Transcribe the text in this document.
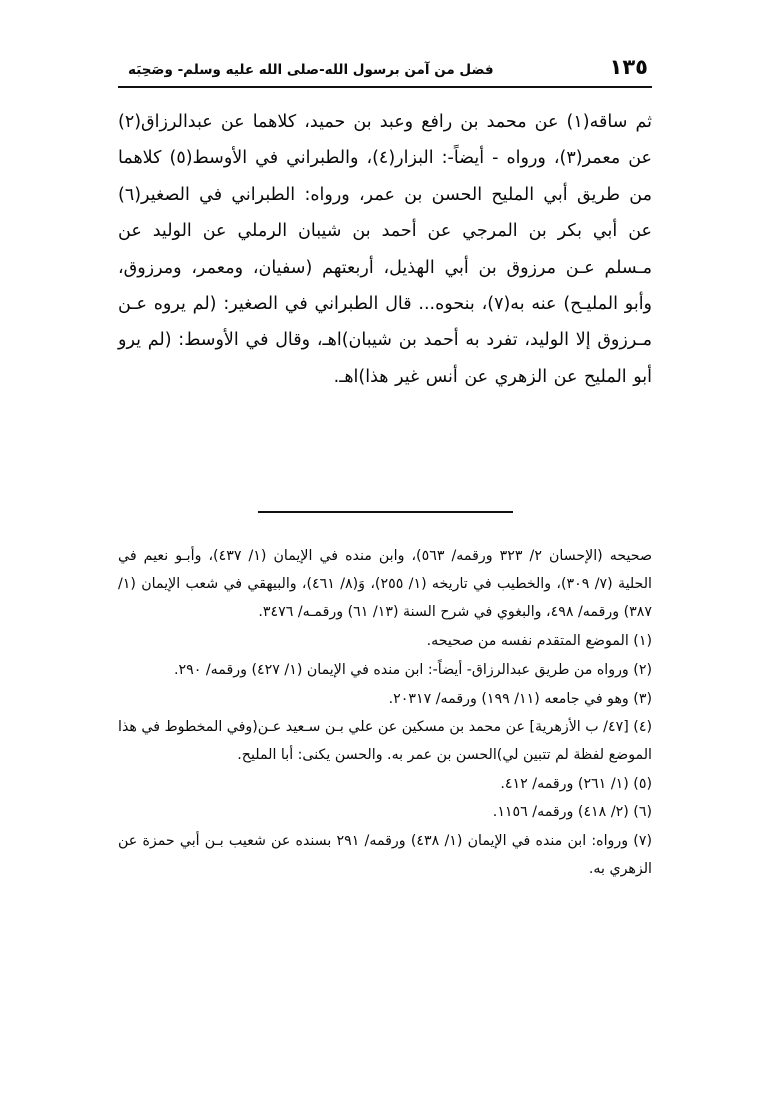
١٣٥
فضل من آمن برسول الله-صلى الله عليه وسلم- وصَحِبَه

ثم ساقه(١) عن محمد بن رافع وعبد بن حميد، كلاهما عن عبدالرزاق(٢) عن معمر(٣)، ورواه - أيضاً-: البزار(٤)، والطبراني في الأوسط(٥) كلاهما من طريق أبي المليح الحسن بن عمر، ورواه: الطبراني في الصغير(٦) عن أبي بكر بن المرجي عن أحمد بن شيبان الرملي عن الوليد عن مـسلم عـن مرزوق بن أبي الهذيل، أربعتهم (سفيان، ومعمر، ومرزوق، وأبو المليـح) عنه به(٧)، بنحوه... قال الطبراني في الصغير: (لم يروه عـن مـرزوق إلا الوليد، تفرد به أحمد بن شيبان)اهـ، وقال في الأوسط: (لم يرو أبو المليح عن الزهري عن أنس غير هذا)اهـ.

صحيحه (الإحسان ٢/ ٣٢٣ ورقمه/ ٥٦٣)، وابن منده في الإيمان (١/ ٤٣٧)، وأبـو نعيم في الحلية (٧/ ٣٠٩)، والخطيب في تاريخه (١/ ٢٥٥)، وَ(٨/ ٤٦١)، والبيهقي في شعب الإيمان (١/ ٣٨٧) ورقمه/ ٤٩٨، والبغوي في شرح السنة (١٣/ ٦١) ورقمـه/ ٣٤٧٦.

(١) الموضع المتقدم نفسه من صحيحه.

(٢) ورواه من طريق عبدالرزاق- أيضاً-: ابن منده في الإيمان (١/ ٤٢٧) ورقمه/ ٢٩٠.

(٣) وهو في جامعه (١١/ ١٩٩) ورقمه/ ٢٠٣١٧.

(٤) [٤٧/ ب الأزهرية] عن محمد بن مسكين عن علي بـن سـعيد عـن(وفي المخطوط في هذا الموضع لفظة لم تتبين لي)الحسن بن عمر به. والحسن يكنى: أبا المليح.

(٥) (١/ ٢٦١) ورقمه/ ٤١٢.

(٦) (٢/ ٤١٨) ورقمه/ ١١٥٦.

(٧) ورواه: ابن منده في الإيمان (١/ ٤٣٨) ورقمه/ ٢٩١ بسنده عن شعيب بـن أبي حمزة عن الزهري به.
